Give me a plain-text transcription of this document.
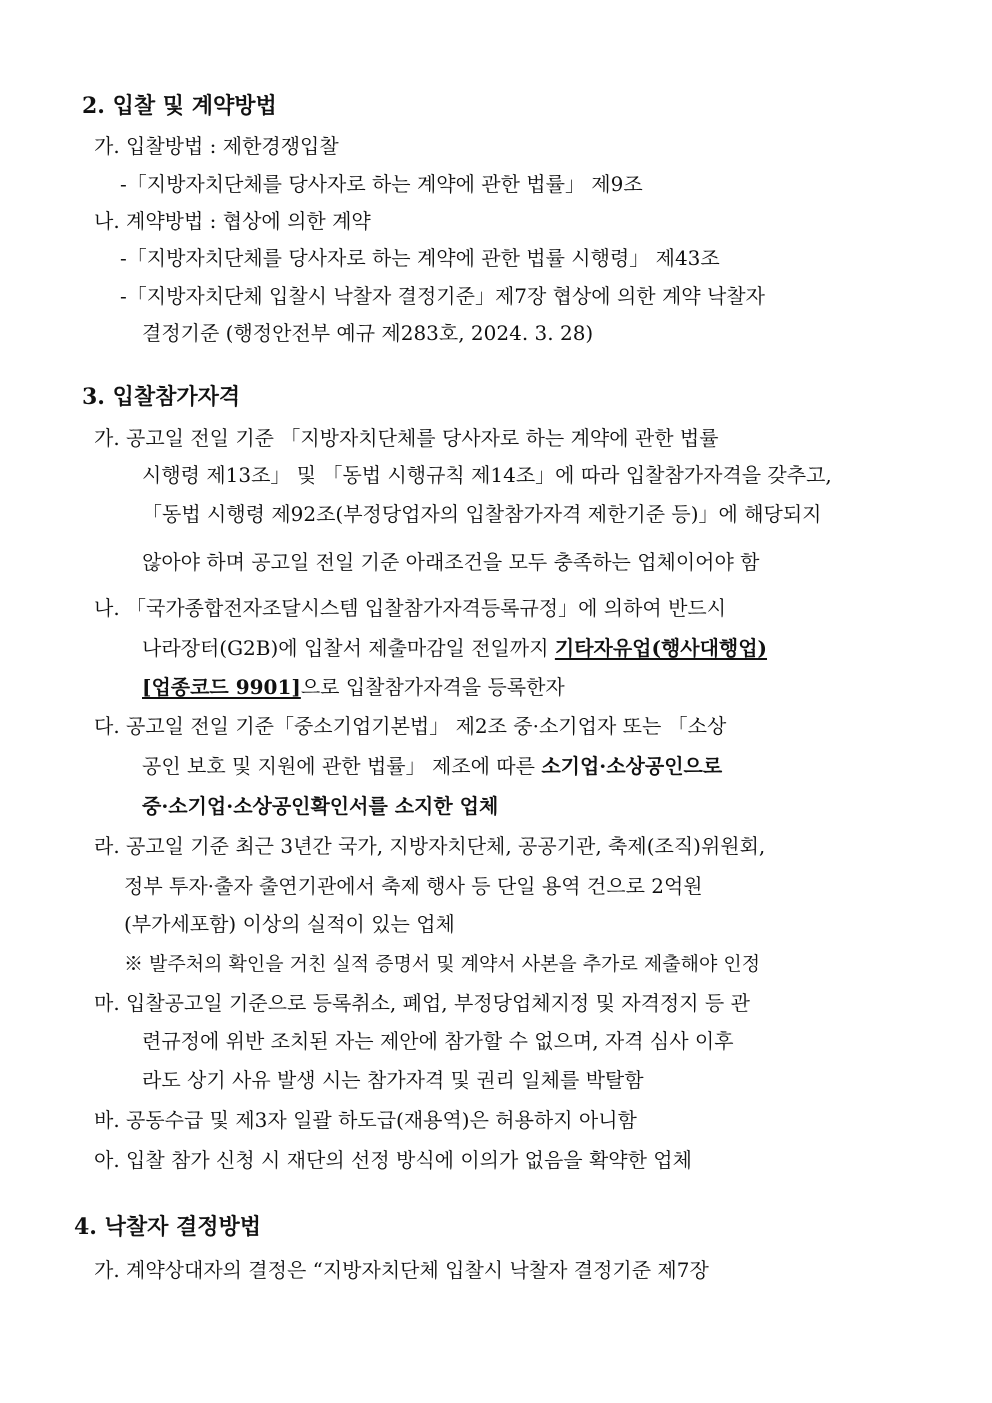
2. 입찰 및 계약방법
가. 입찰방법 : 제한경쟁입찰
-「지방자치단체를 당사자로 하는 계약에 관한 법률」 제9조
나. 계약방법 : 협상에 의한 계약
-「지방자치단체를 당사자로 하는 계약에 관한 법률 시행령」 제43조
-「지방자치단체 입찰시 낙찰자 결정기준」제7장 협상에 의한 계약 낙찰자
결정기준 (행정안전부 예규 제283호, 2024. 3. 28)
3. 입찰참가자격
가. 공고일 전일 기준 「지방자치단체를 당사자로 하는 계약에 관한 법률
시행령 제13조」 및 「동법 시행규칙 제14조」에 따라 입찰참가자격을 갖추고,
「동법 시행령 제92조(부정당업자의 입찰참가자격 제한기준 등)」에 해당되지
않아야 하며 공고일 전일 기준 아래조건을 모두 충족하는 업체이어야 함
나. 「국가종합전자조달시스템 입찰참가자격등록규정」에 의하여 반드시
나라장터(G2B)에 입찰서 제출마감일 전일까지 기타자유업(행사대행업)
[업종코드 9901]으로 입찰참가자격을 등록한자
다. 공고일 전일 기준「중소기업기본법」 제2조 중·소기업자 또는 「소상
공인 보호 및 지원에 관한 법률」 제조에 따른 소기업·소상공인으로
중·소기업·소상공인확인서를 소지한 업체
라. 공고일 기준 최근 3년간 국가, 지방자치단체, 공공기관, 축제(조직)위원회,
정부 투자·출자 출연기관에서 축제 행사 등 단일 용역 건으로 2억원
(부가세포함) 이상의 실적이 있는 업체
※ 발주처의 확인을 거친 실적 증명서 및 계약서 사본을 추가로 제출해야 인정
마. 입찰공고일 기준으로 등록취소, 폐업, 부정당업체지정 및 자격정지 등 관
련규정에 위반 조치된 자는 제안에 참가할 수 없으며, 자격 심사 이후
라도 상기 사유 발생 시는 참가자격 및 권리 일체를 박탈함
바. 공동수급 및 제3자 일괄 하도급(재용역)은 허용하지 아니함
아. 입찰 참가 신청 시 재단의 선정 방식에 이의가 없음을 확약한 업체
4. 낙찰자 결정방법
가. 계약상대자의 결정은 “지방자치단체 입찰시 낙찰자 결정기준 제7장
